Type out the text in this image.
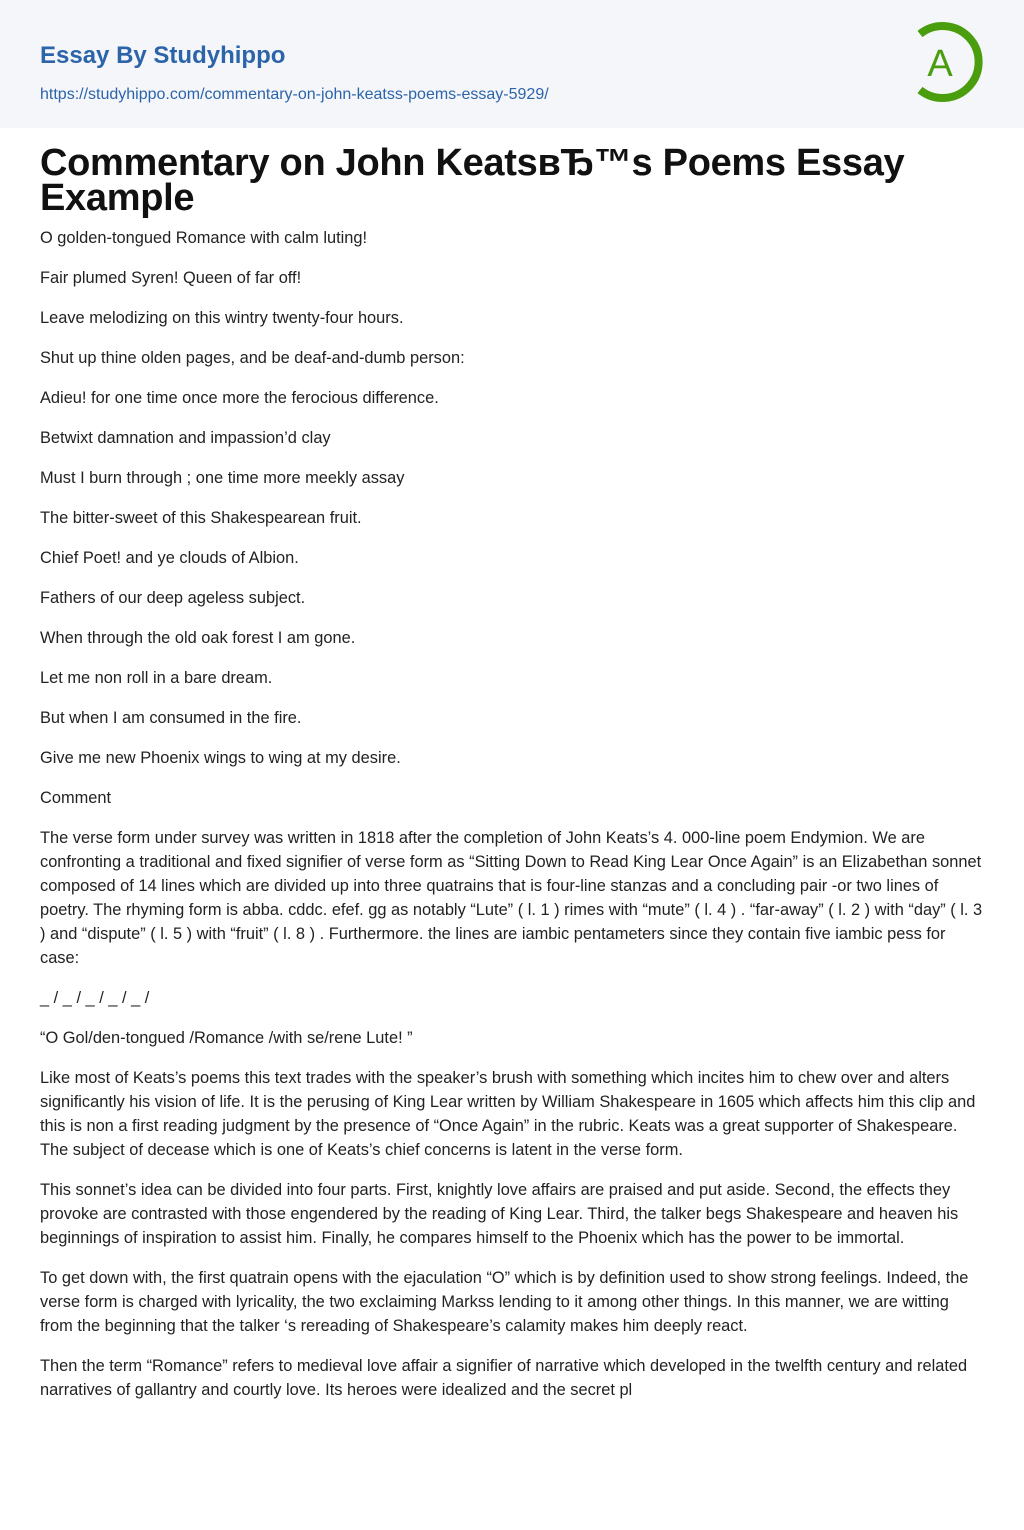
Essay By Studyhippo
https://studyhippo.com/commentary-on-john-keatss-poems-essay-5929/
A
Commentary on John KeatsвЂ™s Poems Essay Example

O golden-tongued Romance with calm luting!

Fair plumed Syren! Queen of far off!

Leave melodizing on this wintry twenty-four hours.

Shut up thine olden pages, and be deaf-and-dumb person:

Adieu! for one time once more the ferocious difference.

Betwixt damnation and impassion’d clay

Must I burn through ; one time more meekly assay

The bitter-sweet of this Shakespearean fruit.

Chief Poet! and ye clouds of Albion.

Fathers of our deep ageless subject.

When through the old oak forest I am gone.

Let me non roll in a bare dream.

But when I am consumed in the fire.

Give me new Phoenix wings to wing at my desire.

Comment

The verse form under survey was written in 1818 after the completion of John Keats’s 4. 000-line poem Endymion. We are confronting a traditional and fixed signifier of verse form as “Sitting Down to Read King Lear Once Again” is an Elizabethan sonnet composed of 14 lines which are divided up into three quatrains that is four-line stanzas and a concluding pair -or two lines of poetry. The rhyming form is abba. cddc. efef. gg as notably “Lute” ( l. 1 ) rimes with “mute” ( l. 4 ) . “far-away” ( l. 2 ) with “day” ( l. 3 ) and “dispute” ( l. 5 ) with “fruit” ( l. 8 ) . Furthermore. the lines are iambic pentameters since they contain five iambic pess for case:

_ / _ / _ / _ / _ /

“O Gol/den-tongued /Romance /with se/rene Lute! ”

Like most of Keats’s poems this text trades with the speaker’s brush with something which incites him to chew over and alters significantly his vision of life. It is the perusing of King Lear written by William Shakespeare in 1605 which affects him this clip and this is non a first reading judgment by the presence of “Once Again” in the rubric. Keats was a great supporter of Shakespeare. The subject of decease which is one of Keats’s chief concerns is latent in the verse form.

This sonnet’s idea can be divided into four parts. First, knightly love affairs are praised and put aside. Second, the effects they provoke are contrasted with those engendered by the reading of King Lear. Third, the talker begs Shakespeare and heaven his beginnings of inspiration to assist him. Finally, he compares himself to the Phoenix which has the power to be immortal.

To get down with, the first quatrain opens with the ejaculation “O” which is by definition used to show strong feelings. Indeed, the verse form is charged with lyricality, the two exclaiming Markss lending to it among other things. In this manner, we are witting from the beginning that the talker ‘s rereading of Shakespeare’s calamity makes him deeply react.

Then the term “Romance” refers to medieval love affair a signifier of narrative which developed in the twelfth century and related narratives of gallantry and courtly love. Its heroes were idealized and the secret pl
